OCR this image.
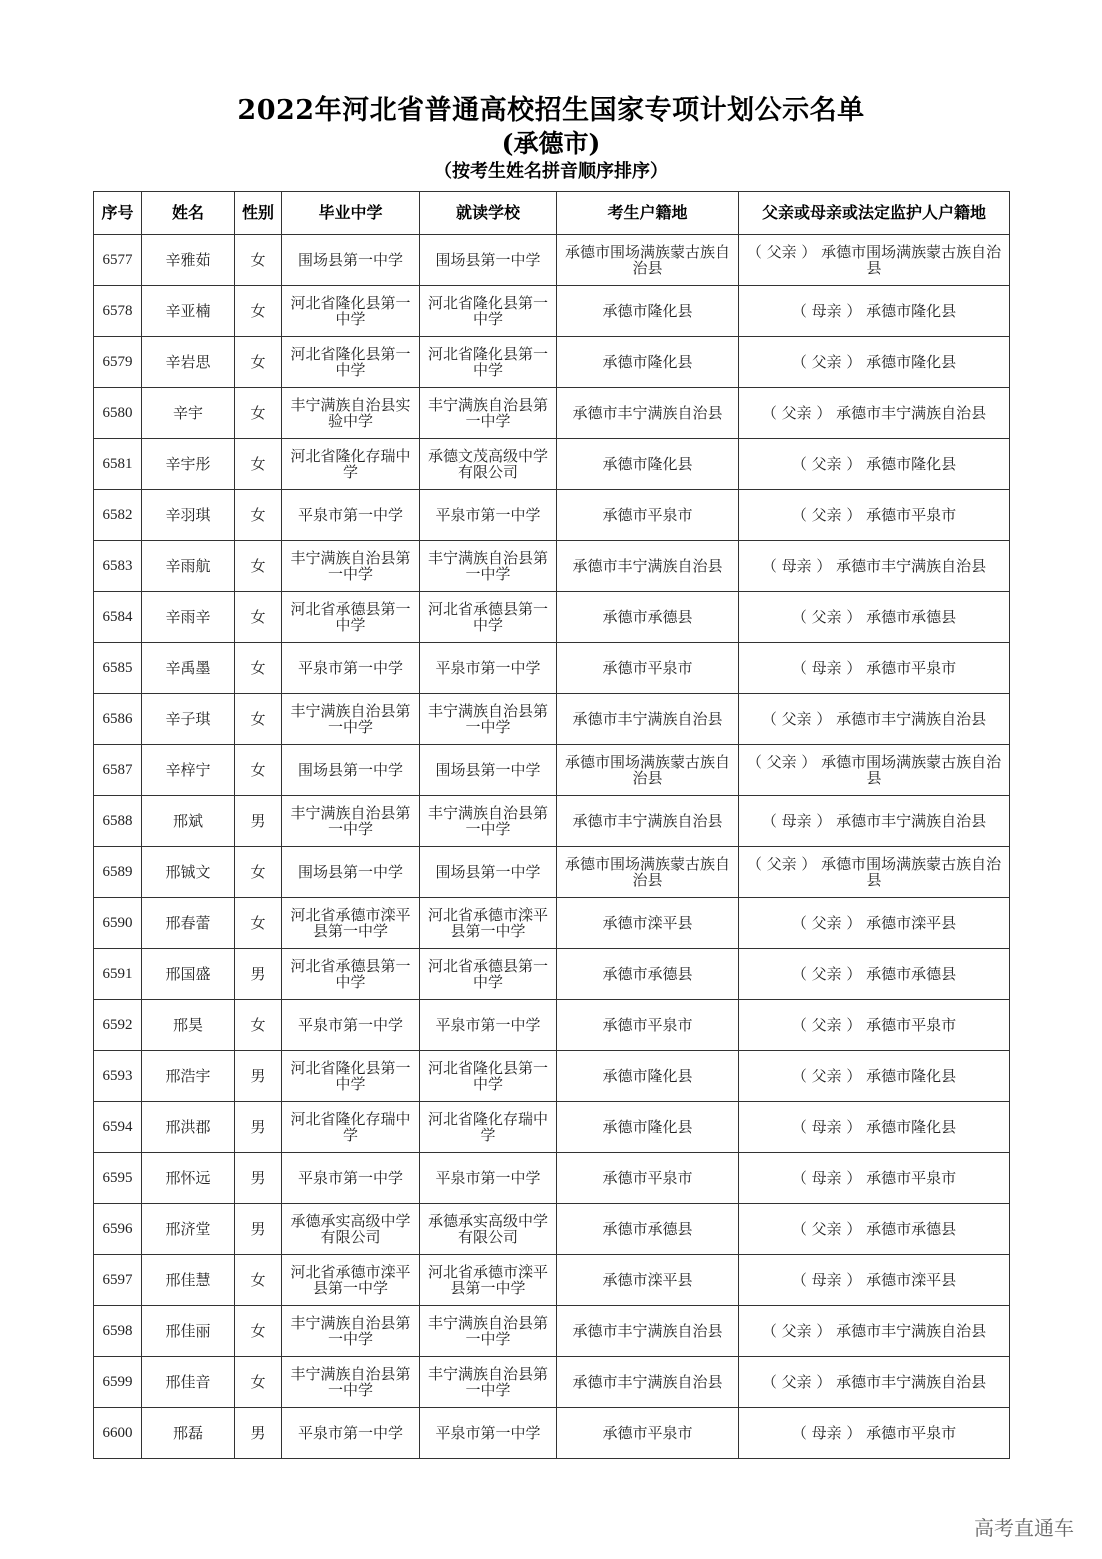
2022年河北省普通高校招生国家专项计划公示名单
(承德市)
（按考生姓名拼音顺序排序）
序号	姓名	性别	毕业中学	就读学校	考生户籍地	父亲或母亲或法定监护人户籍地
6577	辛雅茹	女	围场县第一中学	围场县第一中学	承德市围场满族蒙古族自治县	（ 父亲 ） 承德市围场满族蒙古族自治县
6578	辛亚楠	女	河北省隆化县第一中学	河北省隆化县第一中学	承德市隆化县	（ 母亲 ） 承德市隆化县
6579	辛岩思	女	河北省隆化县第一中学	河北省隆化县第一中学	承德市隆化县	（ 父亲 ） 承德市隆化县
6580	辛宇	女	丰宁满族自治县实验中学	丰宁满族自治县第一中学	承德市丰宁满族自治县	（ 父亲 ） 承德市丰宁满族自治县
6581	辛宇彤	女	河北省隆化存瑞中学	承德文茂高级中学有限公司	承德市隆化县	（ 父亲 ） 承德市隆化县
6582	辛羽琪	女	平泉市第一中学	平泉市第一中学	承德市平泉市	（ 父亲 ） 承德市平泉市
6583	辛雨航	女	丰宁满族自治县第一中学	丰宁满族自治县第一中学	承德市丰宁满族自治县	（ 母亲 ） 承德市丰宁满族自治县
6584	辛雨辛	女	河北省承德县第一中学	河北省承德县第一中学	承德市承德县	（ 父亲 ） 承德市承德县
6585	辛禹墨	女	平泉市第一中学	平泉市第一中学	承德市平泉市	（ 母亲 ） 承德市平泉市
6586	辛子琪	女	丰宁满族自治县第一中学	丰宁满族自治县第一中学	承德市丰宁满族自治县	（ 父亲 ） 承德市丰宁满族自治县
6587	辛梓宁	女	围场县第一中学	围场县第一中学	承德市围场满族蒙古族自治县	（ 父亲 ） 承德市围场满族蒙古族自治县
6588	邢斌	男	丰宁满族自治县第一中学	丰宁满族自治县第一中学	承德市丰宁满族自治县	（ 母亲 ） 承德市丰宁满族自治县
6589	邢铖文	女	围场县第一中学	围场县第一中学	承德市围场满族蒙古族自治县	（ 父亲 ） 承德市围场满族蒙古族自治县
6590	邢春蕾	女	河北省承德市滦平县第一中学	河北省承德市滦平县第一中学	承德市滦平县	（ 父亲 ） 承德市滦平县
6591	邢国盛	男	河北省承德县第一中学	河北省承德县第一中学	承德市承德县	（ 父亲 ） 承德市承德县
6592	邢昊	女	平泉市第一中学	平泉市第一中学	承德市平泉市	（ 父亲 ） 承德市平泉市
6593	邢浩宇	男	河北省隆化县第一中学	河北省隆化县第一中学	承德市隆化县	（ 父亲 ） 承德市隆化县
6594	邢洪郡	男	河北省隆化存瑞中学	河北省隆化存瑞中学	承德市隆化县	（ 母亲 ） 承德市隆化县
6595	邢怀远	男	平泉市第一中学	平泉市第一中学	承德市平泉市	（ 母亲 ） 承德市平泉市
6596	邢济堂	男	承德承实高级中学有限公司	承德承实高级中学有限公司	承德市承德县	（ 父亲 ） 承德市承德县
6597	邢佳慧	女	河北省承德市滦平县第一中学	河北省承德市滦平县第一中学	承德市滦平县	（ 母亲 ） 承德市滦平县
6598	邢佳丽	女	丰宁满族自治县第一中学	丰宁满族自治县第一中学	承德市丰宁满族自治县	（ 父亲 ） 承德市丰宁满族自治县
6599	邢佳音	女	丰宁满族自治县第一中学	丰宁满族自治县第一中学	承德市丰宁满族自治县	（ 父亲 ） 承德市丰宁满族自治县
6600	邢磊	男	平泉市第一中学	平泉市第一中学	承德市平泉市	（ 母亲 ） 承德市平泉市
高考直通车
